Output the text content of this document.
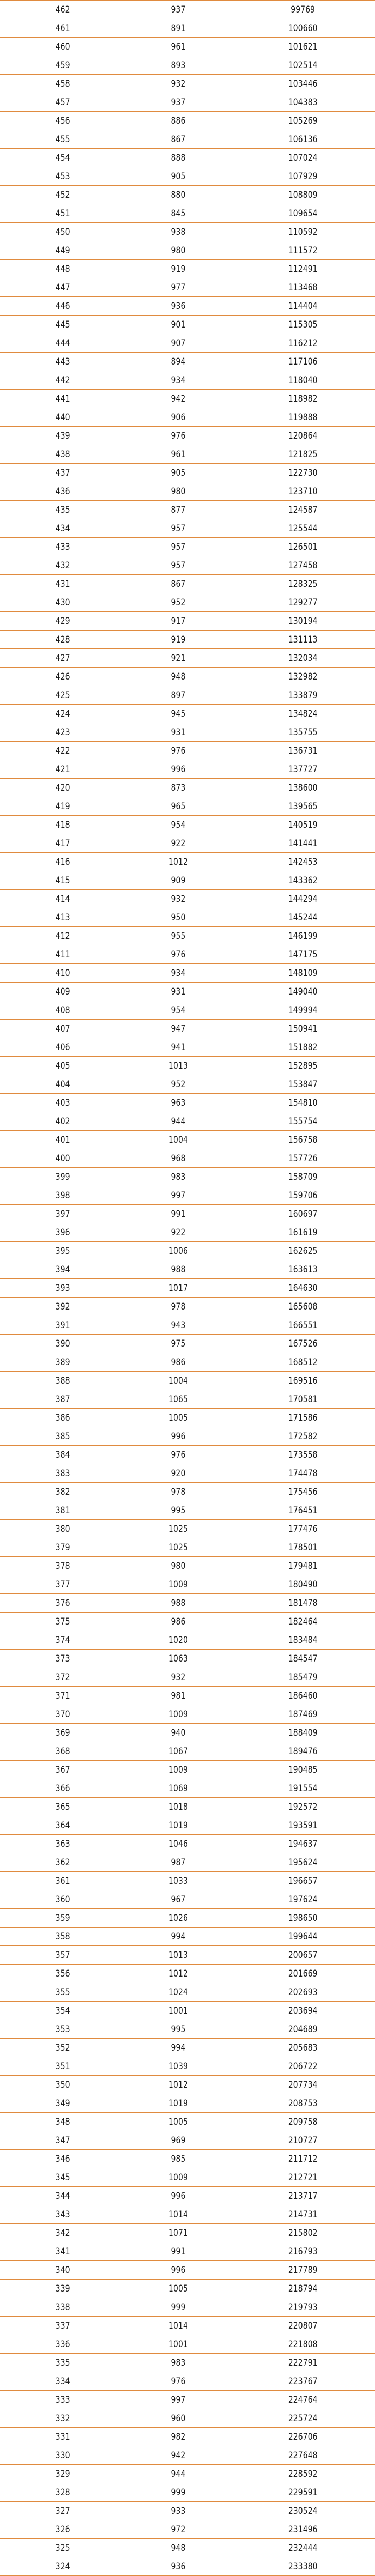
462	937	99769
461	891	100660
460	961	101621
459	893	102514
458	932	103446
457	937	104383
456	886	105269
455	867	106136
454	888	107024
453	905	107929
452	880	108809
451	845	109654
450	938	110592
449	980	111572
448	919	112491
447	977	113468
446	936	114404
445	901	115305
444	907	116212
443	894	117106
442	934	118040
441	942	118982
440	906	119888
439	976	120864
438	961	121825
437	905	122730
436	980	123710
435	877	124587
434	957	125544
433	957	126501
432	957	127458
431	867	128325
430	952	129277
429	917	130194
428	919	131113
427	921	132034
426	948	132982
425	897	133879
424	945	134824
423	931	135755
422	976	136731
421	996	137727
420	873	138600
419	965	139565
418	954	140519
417	922	141441
416	1012	142453
415	909	143362
414	932	144294
413	950	145244
412	955	146199
411	976	147175
410	934	148109
409	931	149040
408	954	149994
407	947	150941
406	941	151882
405	1013	152895
404	952	153847
403	963	154810
402	944	155754
401	1004	156758
400	968	157726
399	983	158709
398	997	159706
397	991	160697
396	922	161619
395	1006	162625
394	988	163613
393	1017	164630
392	978	165608
391	943	166551
390	975	167526
389	986	168512
388	1004	169516
387	1065	170581
386	1005	171586
385	996	172582
384	976	173558
383	920	174478
382	978	175456
381	995	176451
380	1025	177476
379	1025	178501
378	980	179481
377	1009	180490
376	988	181478
375	986	182464
374	1020	183484
373	1063	184547
372	932	185479
371	981	186460
370	1009	187469
369	940	188409
368	1067	189476
367	1009	190485
366	1069	191554
365	1018	192572
364	1019	193591
363	1046	194637
362	987	195624
361	1033	196657
360	967	197624
359	1026	198650
358	994	199644
357	1013	200657
356	1012	201669
355	1024	202693
354	1001	203694
353	995	204689
352	994	205683
351	1039	206722
350	1012	207734
349	1019	208753
348	1005	209758
347	969	210727
346	985	211712
345	1009	212721
344	996	213717
343	1014	214731
342	1071	215802
341	991	216793
340	996	217789
339	1005	218794
338	999	219793
337	1014	220807
336	1001	221808
335	983	222791
334	976	223767
333	997	224764
332	960	225724
331	982	226706
330	942	227648
329	944	228592
328	999	229591
327	933	230524
326	972	231496
325	948	232444
324	936	233380
